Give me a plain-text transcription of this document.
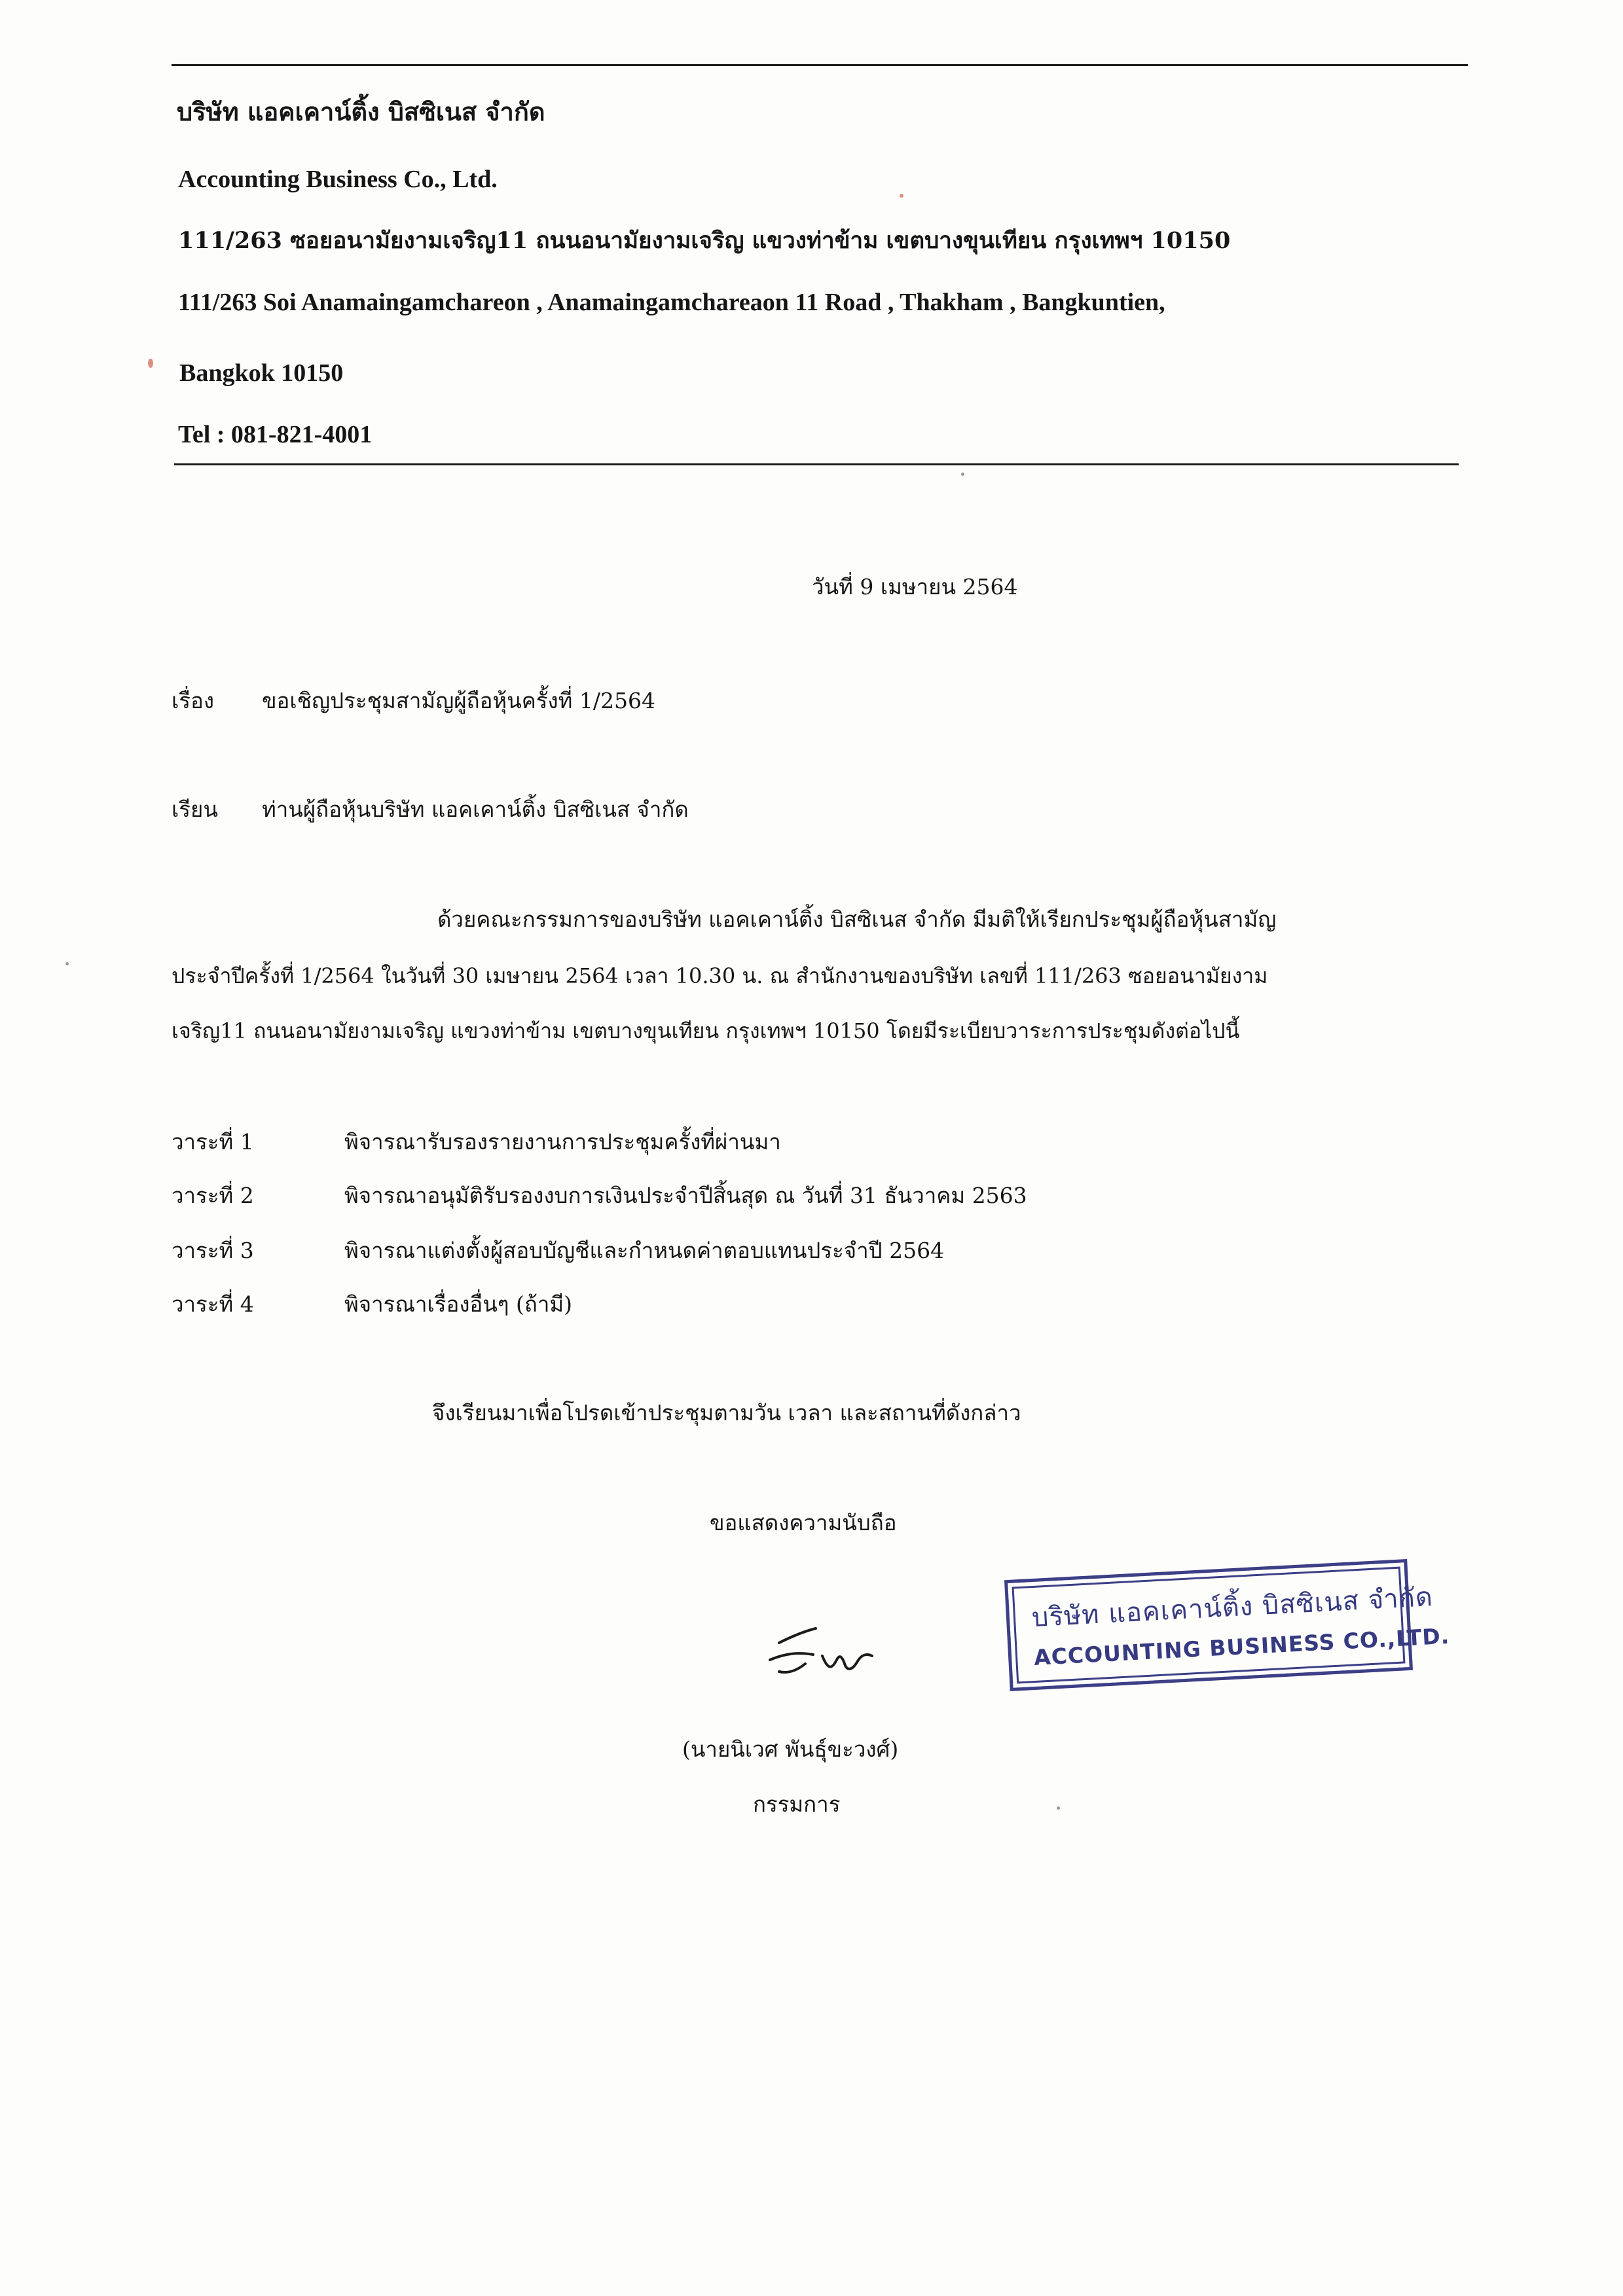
บริษัท แอคเคาน์ติ้ง บิสซิเนส จำกัด
Accounting Business Co., Ltd.
111/263 ซอยอนามัยงามเจริญ11 ถนนอนามัยงามเจริญ แขวงท่าข้าม เขตบางขุนเทียน กรุงเทพฯ 10150
111/263 Soi Anamaingamchareon , Anamaingamchareaon 11 Road , Thakham , Bangkuntien,
Bangkok 10150
Tel : 081-821-4001
วันที่ 9 เมษายน 2564
เรื่อง ขอเชิญประชุมสามัญผู้ถือหุ้นครั้งที่ 1/2564
เรียน ท่านผู้ถือหุ้นบริษัท แอคเคาน์ติ้ง บิสซิเนส จำกัด
ด้วยคณะกรรมการของบริษัท แอคเคาน์ติ้ง บิสซิเนส จำกัด มีมติให้เรียกประชุมผู้ถือหุ้นสามัญ
ประจำปีครั้งที่ 1/2564 ในวันที่ 30 เมษายน 2564 เวลา 10.30 น. ณ สำนักงานของบริษัท เลขที่ 111/263 ซอยอนามัยงาม
เจริญ11 ถนนอนามัยงามเจริญ แขวงท่าข้าม เขตบางขุนเทียน กรุงเทพฯ 10150 โดยมีระเบียบวาระการประชุมดังต่อไปนี้
วาระที่ 1	พิจารณารับรองรายงานการประชุมครั้งที่ผ่านมา
วาระที่ 2	พิจารณาอนุมัติรับรองงบการเงินประจำปีสิ้นสุด ณ วันที่ 31 ธันวาคม 2563
วาระที่ 3	พิจารณาแต่งตั้งผู้สอบบัญชีและกำหนดค่าตอบแทนประจำปี 2564
วาระที่ 4	พิจารณาเรื่องอื่นๆ (ถ้ามี)
จึงเรียนมาเพื่อโปรดเข้าประชุมตามวัน เวลา และสถานที่ดังกล่าว
ขอแสดงความนับถือ
บริษัท แอคเคาน์ติ้ง บิสซิเนส จำกัด
ACCOUNTING BUSINESS CO.,LTD.
(นายนิเวศ พันธุ์ขะวงศ์)
กรรมการ
